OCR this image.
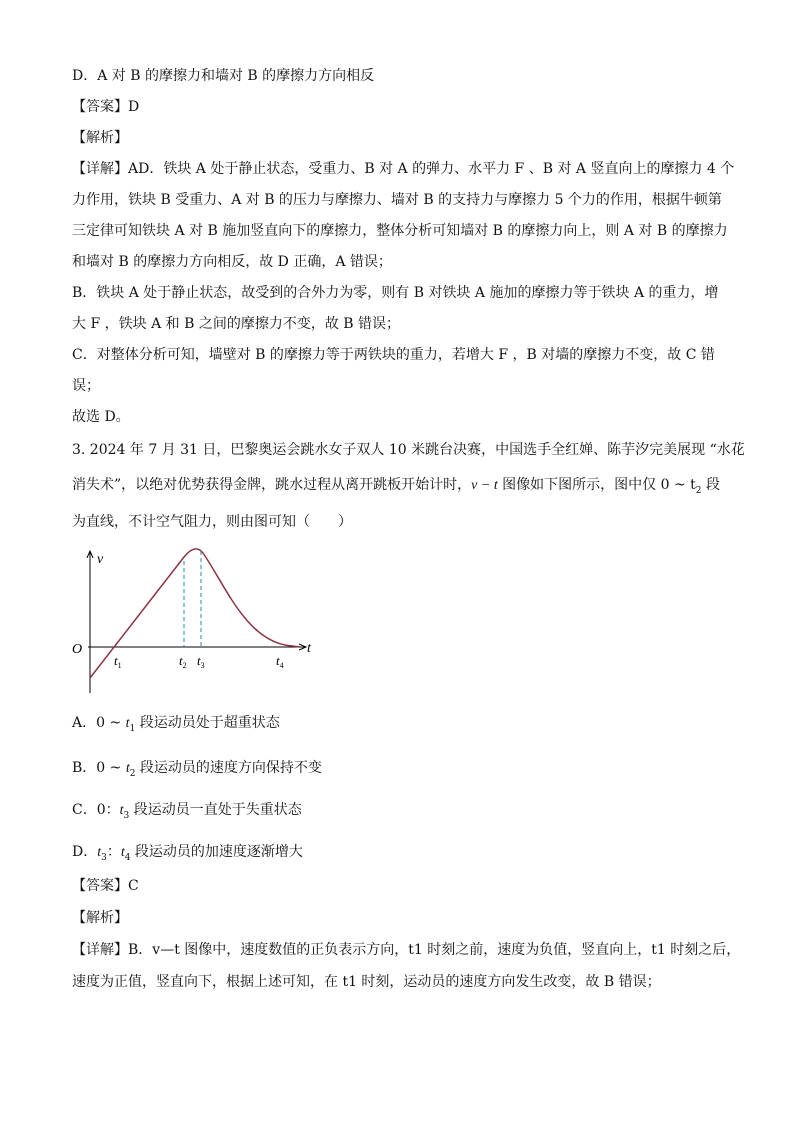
D．A 对 B 的摩擦力和墙对 B 的摩擦力方向相反
【答案】D
【解析】
【详解】AD．铁块 A 处于静止状态，受重力、B 对 A 的弹力、水平力 F 、B 对 A 竖直向上的摩擦力 4 个
力作用，铁块 B 受重力、A 对 B 的压力与摩擦力、墙对 B 的支持力与摩擦力 5 个力的作用，根据牛顿第
三定律可知铁块 A 对 B 施加竖直向下的摩擦力，整体分析可知墙对 B 的摩擦力向上，则 A 对 B 的摩擦力
和墙对 B 的摩擦力方向相反，故 D 正确，A 错误；
B．铁块 A 处于静止状态，故受到的合外力为零，则有 B 对铁块 A 施加的摩擦力等于铁块 A 的重力，增
大 F ，铁块 A 和 B 之间的摩擦力不变，故 B 错误；
C．对整体分析可知，墙壁对 B 的摩擦力等于两铁块的重力，若增大 F ，B 对墙的摩擦力不变，故 C 错
误；
故选 D。
3. 2024 年 7 月 31 日，巴黎奥运会跳水女子双人 10 米跳台决赛，中国选手全红婵、陈芋汐完美展现 “水花
消失术”，以绝对优势获得金牌，跳水过程从离开跳板开始计时，v − t 图像如下图所示，图中仅 0 ~ $t_2$ 段
为直线，不计空气阻力，则由图可知（　　）
v
t
O
$t_1$	$t_2$ $t_3$	$t_4$
A．0 ~ $t_1$ 段运动员处于超重状态
B．0 ~ $t_2$ 段运动员的速度方向保持不变
C．0：$t_3$ 段运动员一直处于失重状态
D．$t_3$：$t_4$ 段运动员的加速度逐渐增大
【答案】C
【解析】
【详解】B．v—t 图像中，速度数值的正负表示方向，t1 时刻之前，速度为负值，竖直向上，t1 时刻之后，
速度为正值，竖直向下，根据上述可知，在 t1 时刻，运动员的速度方向发生改变，故 B 错误；
